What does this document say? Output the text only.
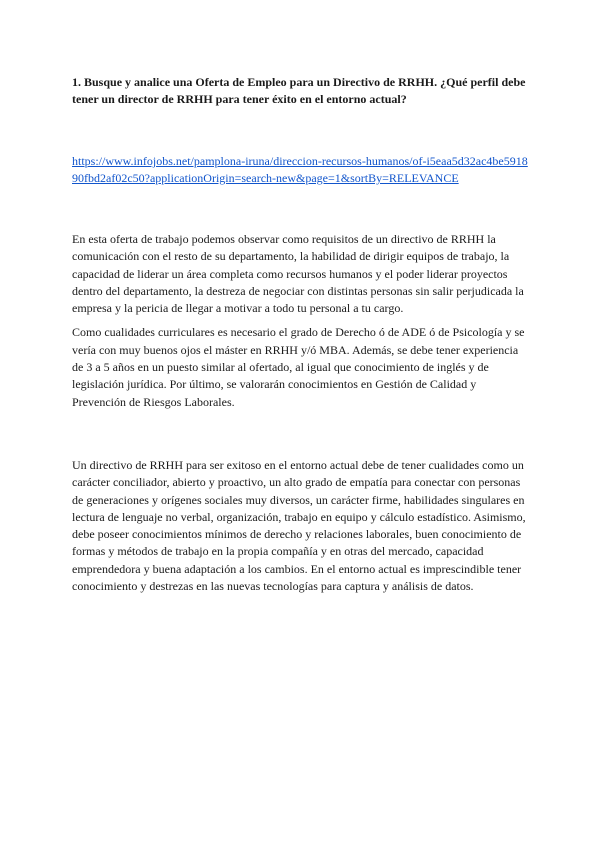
1. Busque y analice una Oferta de Empleo para un Directivo de RRHH. ¿Qué perfil debe tener un director de RRHH para tener éxito en el entorno actual?

https://www.infojobs.net/pamplona-iruna/direccion-recursos-humanos/of-i5eaa5d32ac4be591890fbd2af02c50?applicationOrigin=search-new&page=1&sortBy=RELEVANCE

En esta oferta de trabajo podemos observar como requisitos de un directivo de RRHH la comunicación con el resto de su departamento, la habilidad de dirigir equipos de trabajo, la capacidad de liderar un área completa como recursos humanos y el poder liderar proyectos dentro del departamento, la destreza de negociar con distintas personas sin salir perjudicada la empresa y la pericia de llegar a motivar a todo tu personal a tu cargo.

Como cualidades curriculares es necesario el grado de Derecho ó de ADE ó de Psicología y se vería con muy buenos ojos el máster en RRHH y/ó MBA. Además, se debe tener experiencia de 3 a 5 años en un puesto similar al ofertado, al igual que conocimiento de inglés y de legislación jurídica. Por último, se valorarán conocimientos en Gestión de Calidad y Prevención de Riesgos Laborales.

Un directivo de RRHH para ser exitoso en el entorno actual debe de tener cualidades como un carácter conciliador, abierto y proactivo, un alto grado de empatía para conectar con personas de generaciones y orígenes sociales muy diversos, un carácter firme, habilidades singulares en lectura de lenguaje no verbal, organización, trabajo en equipo y cálculo estadístico. Asimismo, debe poseer conocimientos mínimos de derecho y relaciones laborales, buen conocimiento de formas y métodos de trabajo en la propia compañía y en otras del mercado, capacidad emprendedora y buena adaptación a los cambios. En el entorno actual es imprescindible tener conocimiento y destrezas en las nuevas tecnologías para captura y análisis de datos.
